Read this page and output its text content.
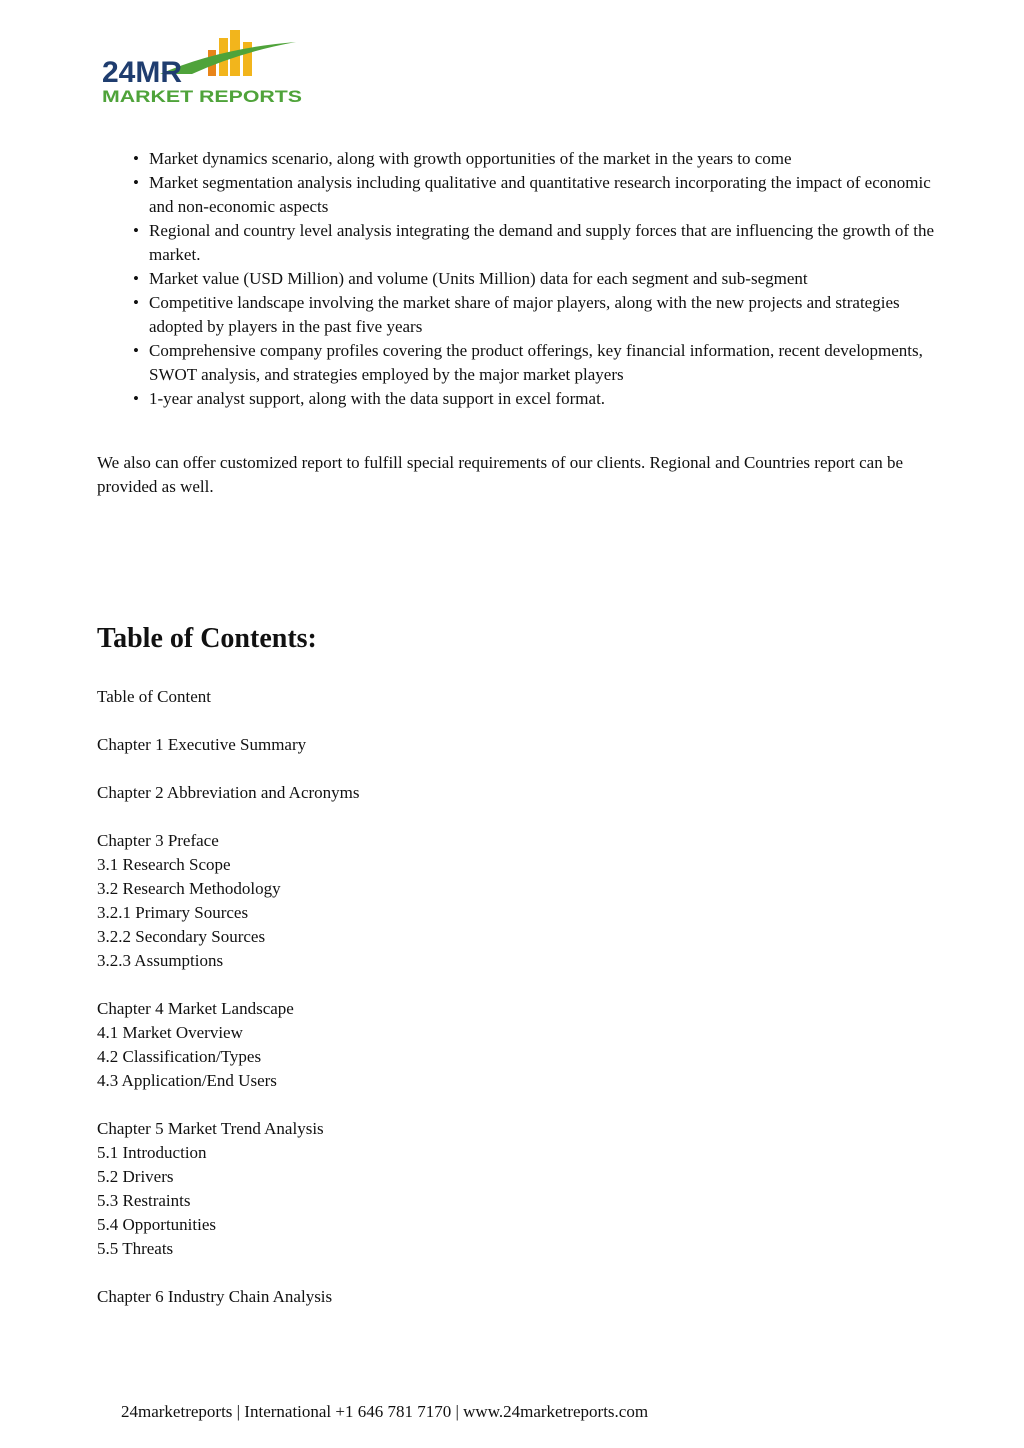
24MR
MARKET REPORTS
• Market dynamics scenario, along with growth opportunities of the market in the years to come
• Market segmentation analysis including qualitative and quantitative research incorporating the impact of economic and non-economic aspects
• Regional and country level analysis integrating the demand and supply forces that are influencing the growth of the market.
• Market value (USD Million) and volume (Units Million) data for each segment and sub-segment
• Competitive landscape involving the market share of major players, along with the new projects and strategies adopted by players in the past five years
• Comprehensive company profiles covering the product offerings, key financial information, recent developments, SWOT analysis, and strategies employed by the major market players
• 1-year analyst support, along with the data support in excel format.

We also can offer customized report to fulfill special requirements of our clients. Regional and Countries report can be provided as well.

Table of Contents:
Table of Content
Chapter 1 Executive Summary
Chapter 2 Abbreviation and Acronyms
Chapter 3 Preface
3.1 Research Scope
3.2 Research Methodology
3.2.1 Primary Sources
3.2.2 Secondary Sources
3.2.3 Assumptions
Chapter 4 Market Landscape
4.1 Market Overview
4.2 Classification/Types
4.3 Application/End Users
Chapter 5 Market Trend Analysis
5.1 Introduction
5.2 Drivers
5.3 Restraints
5.4 Opportunities
5.5 Threats
Chapter 6 Industry Chain Analysis
24marketreports | International +1 646 781 7170 | www.24marketreports.com
